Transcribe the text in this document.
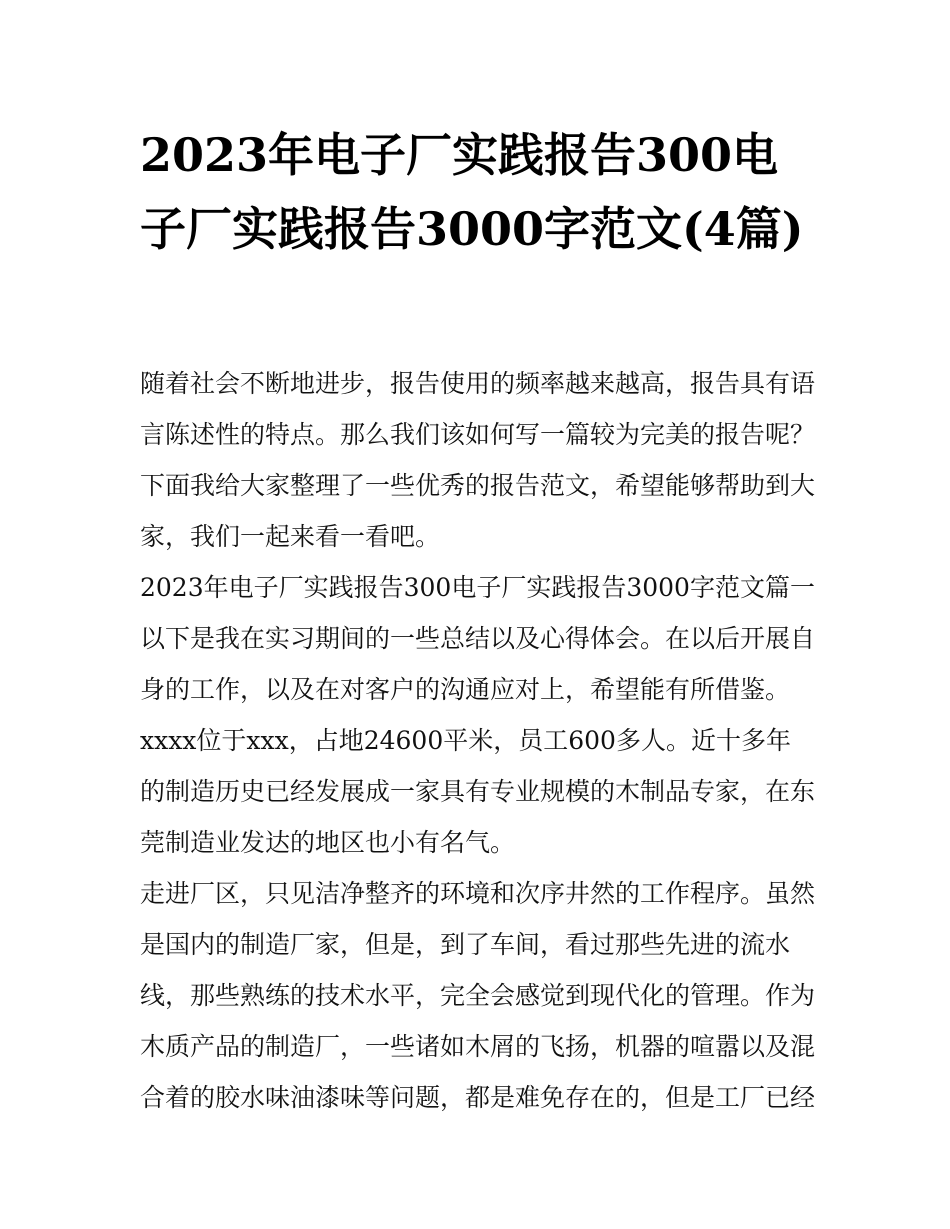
2023年电子厂实践报告300电子厂实践报告3000字范文(4篇)

随着社会不断地进步，报告使用的频率越来越高，报告具有语言陈述性的特点。那么我们该如何写一篇较为完美的报告呢？下面我给大家整理了一些优秀的报告范文，希望能够帮助到大家，我们一起来看一看吧。

2023年电子厂实践报告300电子厂实践报告3000字范文篇一

以下是我在实习期间的一些总结以及心得体会。在以后开展自身的工作，以及在对客户的沟通应对上，希望能有所借鉴。

xxxx位于xxx，占地24600平米，员工600多人。近十多年的制造历史已经发展成一家具有专业规模的木制品专家，在东莞制造业发达的地区也小有名气。

走进厂区，只见洁净整齐的环境和次序井然的工作程序。虽然是国内的制造厂家，但是，到了车间，看过那些先进的流水线，那些熟练的技术水平，完全会感觉到现代化的管理。作为木质产品的制造厂，一些诸如木屑的飞扬，机器的喧嚣以及混合着的胶水味油漆味等问题，都是难免存在的，但是工厂已经
